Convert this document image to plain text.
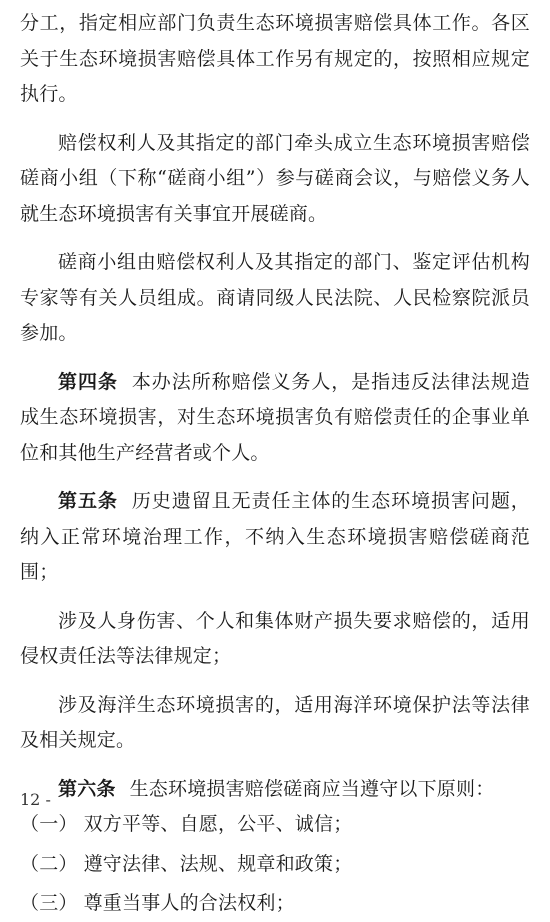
分工，指定相应部门负责生态环境损害赔偿具体工作。各区关于生态环境损害赔偿具体工作另有规定的，按照相应规定执行。

赔偿权利人及其指定的部门牵头成立生态环境损害赔偿磋商小组（下称“磋商小组”）参与磋商会议，与赔偿义务人就生态环境损害有关事宜开展磋商。

磋商小组由赔偿权利人及其指定的部门、鉴定评估机构专家等有关人员组成。商请同级人民法院、人民检察院派员参加。

第四条 本办法所称赔偿义务人，是指违反法律法规造成生态环境损害，对生态环境损害负有赔偿责任的企事业单位和其他生产经营者或个人。

第五条 历史遗留且无责任主体的生态环境损害问题，纳入正常环境治理工作，不纳入生态环境损害赔偿磋商范围；

涉及人身伤害、个人和集体财产损失要求赔偿的，适用侵权责任法等法律规定；

涉及海洋生态环境损害的，适用海洋环境保护法等法律及相关规定。

第六条 生态环境损害赔偿磋商应当遵守以下原则：

（一） 双方平等、自愿，公平、诚信；

（二） 遵守法律、法规、规章和政策；

（三） 尊重当事人的合法权利；

12 -
